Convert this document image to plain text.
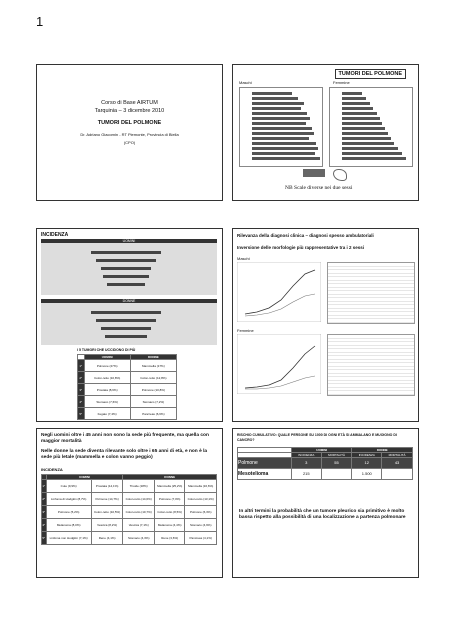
1
Corso di Base AIRTUM
Tarquinia – 3 dicembre 2010
TUMORI DEL POLMONE
Dr. Adriano Giacomin - RT Piemonte, Provincia di Biella
(CPO)
TUMORI DEL POLMONE
Maschi	Femmine
NB Scale diverse nei due sessi
INCIDENZA
UOMINI
DONNE
I 5 TUMORI CHE UCCIDONO DI PIÙ
	UOMINI	DONNE
1°	Polmone (27%)	Mammella (17%)
2°	Colon-retto (10,8%)	Colon-retto (12,8%)
3°	Prostata (8,6%)	Polmone (10,8%)
4°	Stomaco (7,6%)	Stomaco (7,2%)
5°	Fegato (7,4%)	Pancreas (6,6%)
Rilevanza della diagnosi clinica – diagnosi spesso ambulatoriali
Inversione delle morfologie più rappresentative tra i 2 sessi
Maschi
Femmine
Negli uomini oltre i 45 anni non sono la sede più frequente, ma quella con maggior mortalità
Nelle donne la sede diventa rilevante solo oltre i 65 anni di età, e non è la sede più letale (mammella e colon vanno peggio)
INCIDENZA
	UOMINI		DONNE		
1°	Cute (9,9%)	Prostata (14,1%)	Tiroide (18%)	Mammella (25,2%)	Mammella (16,6%)
2°	Linfoma di Hodgkin (8,7%)	Polmone (14,7%)	Colon-retto (14,6%)	Polmone (7,0%)	Colon-retto (13,1%)
3°	Polmone (5,2%)	Colon-retto (10,5%)	Colon-retto (10,7%)	Colon-retto (8,5%)	Polmone (6,3%)
4°	Melanoma (8,0%)	Vescica (8,2%)	Vescica (7,1%)	Melanoma (4,4%)	Stomaco (4,9%)
5°	Linfoma non Hodgkin (7,1%)	Rene (4,1%)	Stomaco (4,3%)	Rene (3,6%)	Pancreas (4,1%)
RISCHIO CUMULATIVO: QUALE PERSONE SU 1000 DI OGNI ETÀ SI AMMALANO E MUOIONO DI CANCRO?
	UOMINI		DONNE	
	INCIDENZA	MORTALITÀ	INCIDENZA	MORTALITÀ
Polmone	3	55	12	43
Mesotelioma	215		1.500	
In altri termini la probabilità che un tumore pleurico sia primitivo è molto bassa rispetto alla possibilità di una localizzazione a partenza polmonare
